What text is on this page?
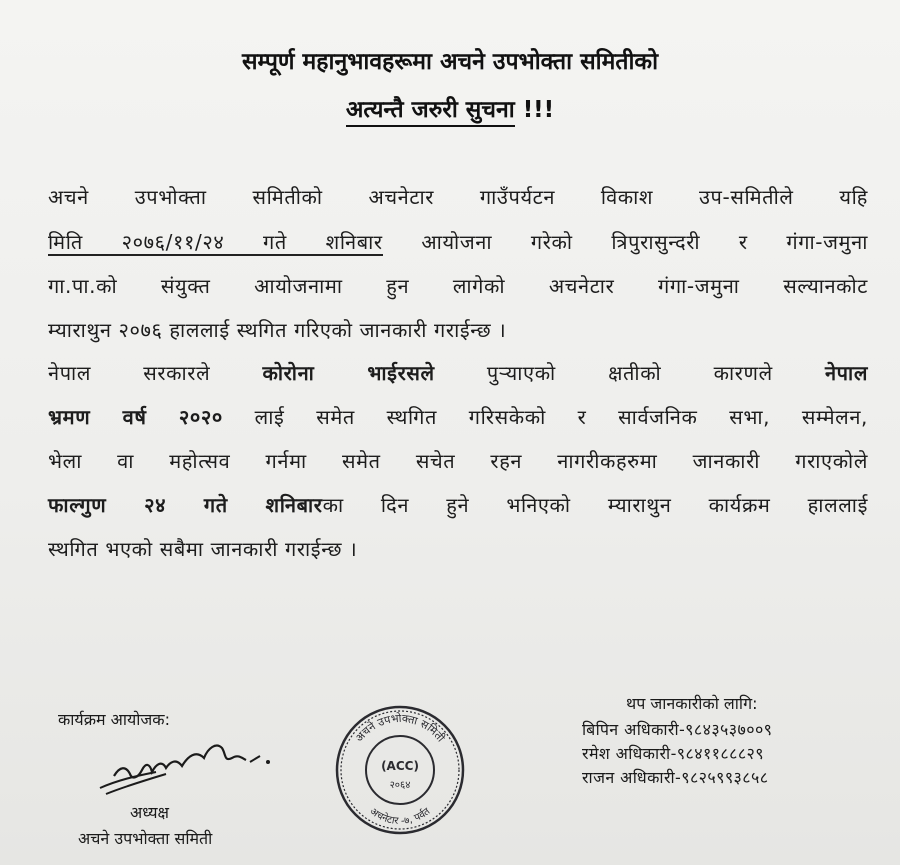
सम्पूर्ण महानुभावहरूमा अचने उपभोक्ता समितीको
अत्यन्तै जरुरी सुचना !!!
अचने उपभोक्ता समितीको अचनेटार गाउँपर्यटन विकाश उप-समितीले यहि
मिति २०७६/११/२४ गते शनिबार आयोजना गरेको त्रिपुरासुन्दरी र गंगा-जमुना
गा.पा.को संयुक्त आयोजनामा हुन लागेको अचनेटार गंगा-जमुना सल्यानकोट
म्याराथुन २०७६ हाललाई स्थगित गरिएको जानकारी गराईन्छ ।
नेपाल सरकारले कोरोना भाईरसले पुऱ्याएको क्षतीको कारणले नेपाल
भ्रमण वर्ष २०२० लाई समेत स्थगित गरिसकेको र सार्वजनिक सभा, सम्मेलन,
भेला वा महोत्सव गर्नमा समेत सचेत रहन नागरीकहरुमा जानकारी गराएकोले
फाल्गुण २४ गते शनिबारका दिन हुने भनिएको म्याराथुन कार्यक्रम हाललाई
स्थगित भएको सबैमा जानकारी गराईन्छ ।
कार्यक्रम आयोजक:
अध्यक्ष
अचने उपभोक्ता समिती
अचने उपभोक्ता समिती
अचनेटार -७, पर्वत
(ACC)
२०६४
थप जानकारीको लागि:
बिपिन अधिकारी-९८४३५३७००९
रमेश अधिकारी-९८४११८८८२९
राजन अधिकारी-९८२५९९३८५८
